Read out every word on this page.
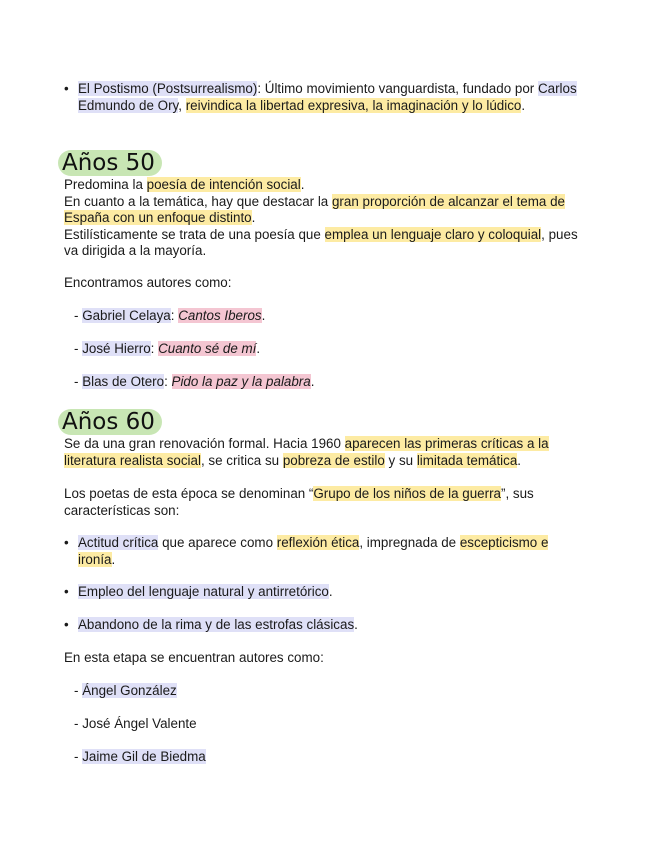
• El Postismo (Postsurrealismo): Último movimiento vanguardista, fundado por Carlos Edmundo de Ory, reivindica la libertad expresiva, la imaginación y lo lúdico.
Años 50
Predomina la poesía de intención social.
En cuanto a la temática, hay que destacar la gran proporción de alcanzar el tema de España con un enfoque distinto.
Estilísticamente se trata de una poesía que emplea un lenguaje claro y coloquial, pues va dirigida a la mayoría.
Encontramos autores como:
- Gabriel Celaya: Cantos Iberos.
- José Hierro: Cuanto sé de mí.
- Blas de Otero: Pido la paz y la palabra.
Años 60
Se da una gran renovación formal. Hacia 1960 aparecen las primeras críticas a la literatura realista social, se critica su pobreza de estilo y su limitada temática.
Los poetas de esta época se denominan “Grupo de los niños de la guerra”, sus características son:
• Actitud crítica que aparece como reflexión ética, impregnada de escepticismo e ironía.
• Empleo del lenguaje natural y antirretórico.
• Abandono de la rima y de las estrofas clásicas.
En esta etapa se encuentran autores como:
- Ángel González
- José Ángel Valente
- Jaime Gil de Biedma
